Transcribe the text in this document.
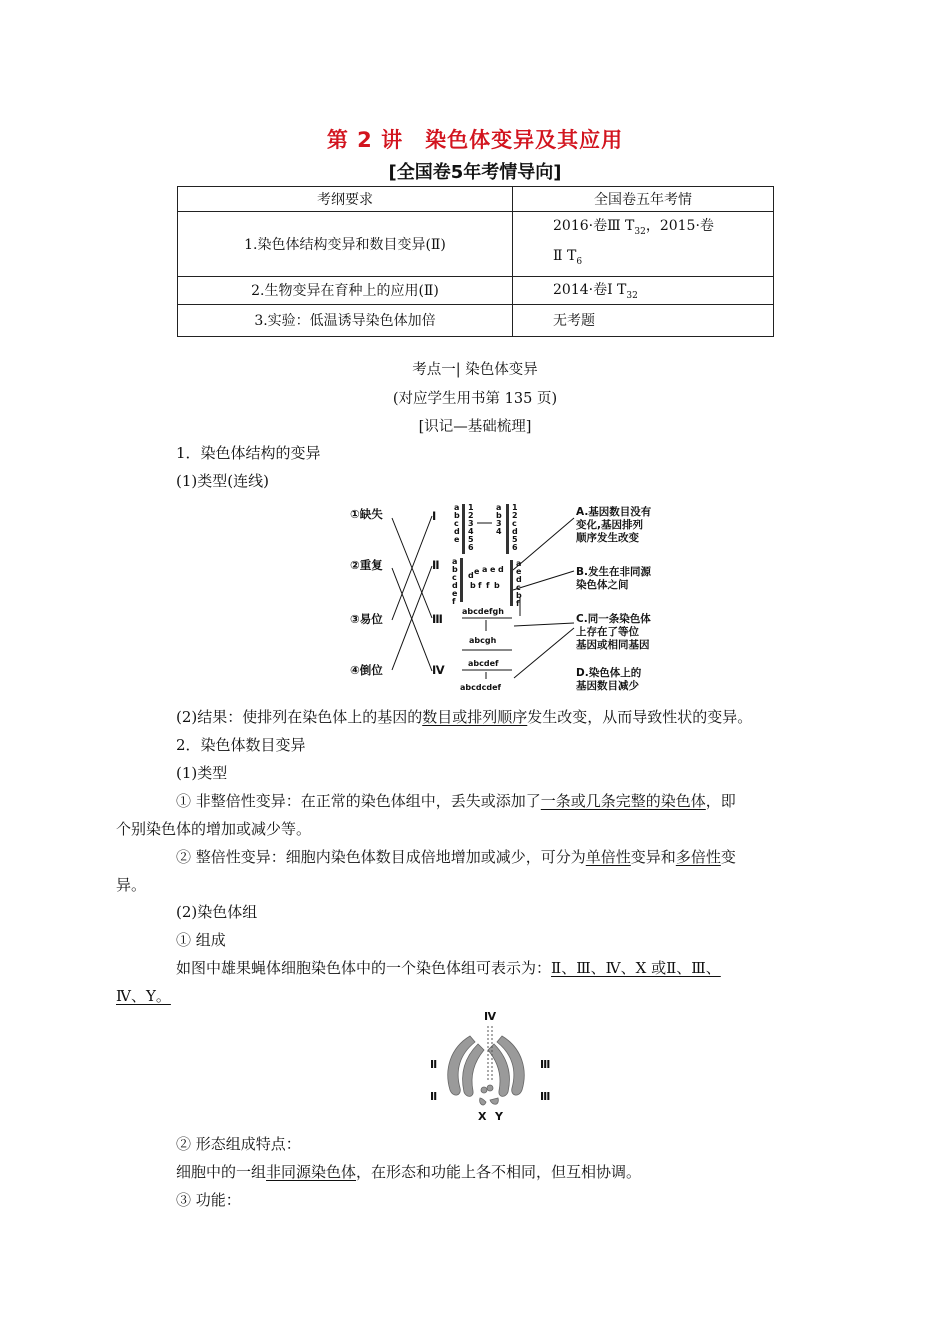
第 2 讲　染色体变异及其应用
[全国卷5年考情导向]
考纲要求	全国卷五年考情
1.染色体结构变异和数目变异(Ⅱ)	2016·卷Ⅲ $T_{32}$，2015·卷
Ⅱ $T_6$
2.生物变异在育种上的应用(Ⅱ)	2014·卷Ⅰ $T_{32}$
3.实验：低温诱导染色体加倍	无考题
考点一| 染色体变异
(对应学生用书第 135 页)
[识记—基础梳理]
1．染色体结构的变异
(1)类型(连线)
①缺失
②重复
③易位
④倒位
Ⅰ
Ⅱ
Ⅲ
Ⅳ
1
2
3
4
5
6
a
b
c
d
e
a
b
3
4
1
2
c
d
5
6
a
b
c
d
e
f
d e a e d
b f f b
a
e
d
c
b
f
abcdefgh
abcgh
abcdef
abcdcdef
A.基因数目没有
变化,基因排列
顺序发生改变
B.发生在非同源
染色体之间
C.同一条染色体
上存在了等位
基因或相同基因
D.染色体上的
基因数目减少
(2)结果：使排列在染色体上的基因的数目或排列顺序发生改变，从而导致性状的变异。
2．染色体数目变异
(1)类型
① 非整倍性变异：在正常的染色体组中，丢失或添加了一条或几条完整的染色体，即
个别染色体的增加或减少等。
② 整倍性变异：细胞内染色体数目成倍地增加或减少，可分为单倍性变异和多倍性变
异。
(2)染色体组
① 组成
如图中雄果蝇体细胞染色体中的一个染色体组可表示为：Ⅱ、Ⅲ、Ⅳ、X 或Ⅱ、Ⅲ、
Ⅳ、Y。
Ⅳ
Ⅱ
Ⅱ
Ⅲ
Ⅲ
X Y
② 形态组成特点：
细胞中的一组非同源染色体，在形态和功能上各不相同，但互相协调。
③ 功能：
